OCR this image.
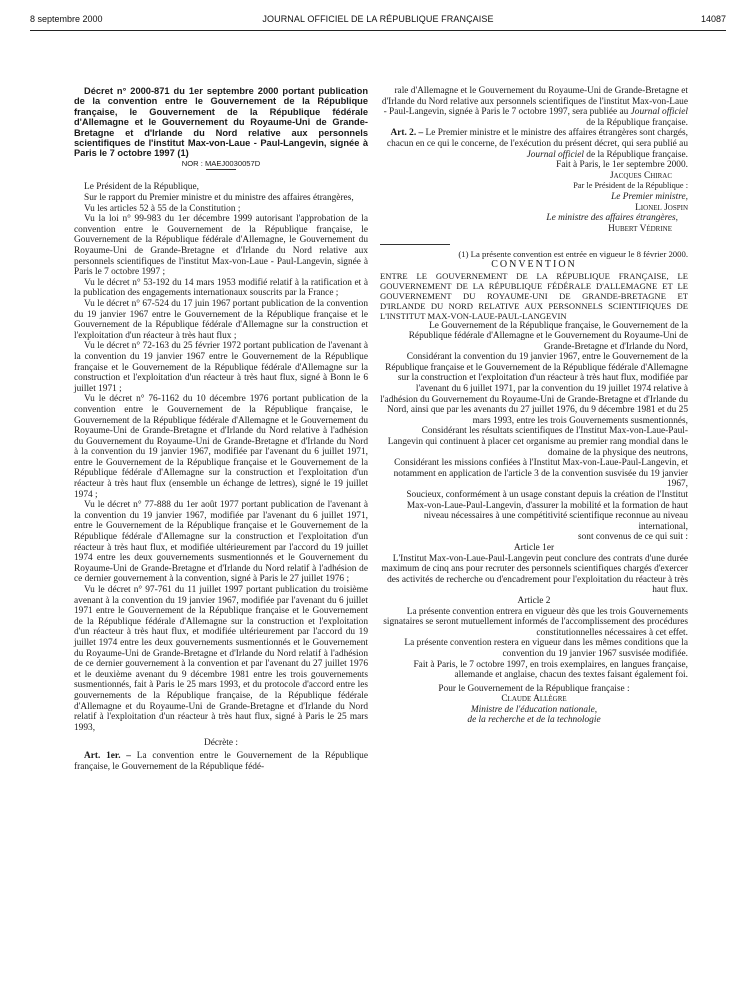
8 septembre 2000	JOURNAL OFFICIEL DE LA RÉPUBLIQUE FRANÇAISE	14087

Décret n° 2000-871 du 1er septembre 2000 portant publication de la convention entre le Gouvernement de la République française, le Gouvernement de la République fédérale d'Allemagne et le Gouvernement du Royaume-Uni de Grande-Bretagne et d'Irlande du Nord relative aux personnels scientifiques de l'institut Max-von-Laue - Paul-Langevin, signée à Paris le 7 octobre 1997 (1)

NOR : MAEJ0030057D

Le Président de la République,

Sur le rapport du Premier ministre et du ministre des affaires étrangères,

Vu les articles 52 à 55 de la Constitution ;

Vu la loi n° 99-983 du 1er décembre 1999 autorisant l'approbation de la convention entre le Gouvernement de la République française, le Gouvernement de la République fédérale d'Allemagne, le Gouvernement du Royaume-Uni de Grande-Bretagne et d'Irlande du Nord relative aux personnels scientifiques de l'institut Max-von-Laue - Paul-Langevin, signée à Paris le 7 octobre 1997 ;

Vu le décret n° 53-192 du 14 mars 1953 modifié relatif à la ratification et à la publication des engagements internationaux souscrits par la France ;

Vu le décret n° 67-524 du 17 juin 1967 portant publication de la convention du 19 janvier 1967 entre le Gouvernement de la République française et le Gouvernement de la République fédérale d'Allemagne sur la construction et l'exploitation d'un réacteur à très haut flux ;

Vu le décret n° 72-163 du 25 février 1972 portant publication de l'avenant à la convention du 19 janvier 1967 entre le Gouvernement de la République française et le Gouvernement de la République fédérale d'Allemagne sur la construction et l'exploitation d'un réacteur à très haut flux, signé à Bonn le 6 juillet 1971 ;

Vu le décret n° 76-1162 du 10 décembre 1976 portant publication de la convention entre le Gouvernement de la République française, le Gouvernement de la République fédérale d'Allemagne et le Gouvernement du Royaume-Uni de Grande-Bretagne et d'Irlande du Nord relative à l'adhésion du Gouvernement du Royaume-Uni de Grande-Bretagne et d'Irlande du Nord à la convention du 19 janvier 1967, modifiée par l'avenant du 6 juillet 1971, entre le Gouvernement de la République française et le Gouvernement de la République fédérale d'Allemagne sur la construction et l'exploitation d'un réacteur à très haut flux (ensemble un échange de lettres), signé le 19 juillet 1974 ;

Vu le décret n° 77-888 du 1er août 1977 portant publication de l'avenant à la convention du 19 janvier 1967, modifiée par l'avenant du 6 juillet 1971, entre le Gouvernement de la République française et le Gouvernement de la République fédérale d'Allemagne sur la construction et l'exploitation d'un réacteur à très haut flux, et modifiée ultérieurement par l'accord du 19 juillet 1974 entre les deux gouvernements susmentionnés et le Gouvernement du Royaume-Uni de Grande-Bretagne et d'Irlande du Nord relatif à l'adhésion de ce dernier gouvernement à la convention, signé à Paris le 27 juillet 1976 ;

Vu le décret n° 97-761 du 11 juillet 1997 portant publication du troisième avenant à la convention du 19 janvier 1967, modifiée par l'avenant du 6 juillet 1971 entre le Gouvernement de la République française et le Gouvernement de la République fédérale d'Allemagne sur la construction et l'exploitation d'un réacteur à très haut flux, et modifiée ultérieurement par l'accord du 19 juillet 1974 entre les deux gouvernements susmentionnés et le Gouvernement du Royaume-Uni de Grande-Bretagne et d'Irlande du Nord relatif à l'adhésion de ce dernier gouvernement à la convention et par l'avenant du 27 juillet 1976 et le deuxième avenant du 9 décembre 1981 entre les trois gouvernements susmentionnés, fait à Paris le 25 mars 1993, et du protocole d'accord entre les gouvernements de la République française, de la République fédérale d'Allemagne et du Royaume-Uni de Grande-Bretagne et d'Irlande du Nord relatif à l'exploitation d'un réacteur à très haut flux, signé à Paris le 25 mars 1993,

Décrète :

Art. 1er. – La convention entre le Gouvernement de la République française, le Gouvernement de la République fédé-

rale d'Allemagne et le Gouvernement du Royaume-Uni de Grande-Bretagne et d'Irlande du Nord relative aux personnels scientifiques de l'institut Max-von-Laue - Paul-Langevin, signée à Paris le 7 octobre 1997, sera publiée au Journal officiel de la République française.

Art. 2. – Le Premier ministre et le ministre des affaires étrangères sont chargés, chacun en ce qui le concerne, de l'exécution du présent décret, qui sera publié au Journal officiel de la République française.

Fait à Paris, le 1er septembre 2000.

Jacques Chirac

Par le Président de la République :

Le Premier ministre,

Lionel Jospin

Le ministre des affaires étrangères,

Hubert Védrine

(1) La présente convention est entrée en vigueur le 8 février 2000.

CONVENTION

ENTRE LE GOUVERNEMENT DE LA RÉPUBLIQUE FRANÇAISE, LE GOUVERNEMENT DE LA RÉPUBLIQUE FÉDÉRALE D'ALLEMAGNE ET LE GOUVERNEMENT DU ROYAUME-UNI DE GRANDE-BRETAGNE ET D'IRLANDE DU NORD RELATIVE AUX PERSONNELS SCIENTIFIQUES DE L'INSTITUT MAX-VON-LAUE-PAUL-LANGEVIN

Le Gouvernement de la République française, le Gouvernement de la République fédérale d'Allemagne et le Gouvernement du Royaume-Uni de Grande-Bretagne et d'Irlande du Nord,

Considérant la convention du 19 janvier 1967, entre le Gouvernement de la République française et le Gouvernement de la République fédérale d'Allemagne sur la construction et l'exploitation d'un réacteur à très haut flux, modifiée par l'avenant du 6 juillet 1971, par la convention du 19 juillet 1974 relative à l'adhésion du Gouvernement du Royaume-Uni de Grande-Bretagne et d'Irlande du Nord, ainsi que par les avenants du 27 juillet 1976, du 9 décembre 1981 et du 25 mars 1993, entre les trois Gouvernements susmentionnés,

Considérant les résultats scientifiques de l'Institut Max-von-Laue-Paul-Langevin qui continuent à placer cet organisme au premier rang mondial dans le domaine de la physique des neutrons,

Considérant les missions confiées à l'Institut Max-von-Laue-Paul-Langevin, et notamment en application de l'article 3 de la convention susvisée du 19 janvier 1967,

Soucieux, conformément à un usage constant depuis la création de l'Institut Max-von-Laue-Paul-Langevin, d'assurer la mobilité et la formation de haut niveau nécessaires à une compétitivité scientifique reconnue au niveau international,

sont convenus de ce qui suit :

Article 1er

L'Institut Max-von-Laue-Paul-Langevin peut conclure des contrats d'une durée maximum de cinq ans pour recruter des personnels scientifiques chargés d'exercer des activités de recherche ou d'encadrement pour l'exploitation du réacteur à très haut flux.

Article 2

La présente convention entrera en vigueur dès que les trois Gouvernements signataires se seront mutuellement informés de l'accomplissement des procédures constitutionnelles nécessaires à cet effet.

La présente convention restera en vigueur dans les mêmes conditions que la convention du 19 janvier 1967 susvisée modifiée.

Fait à Paris, le 7 octobre 1997, en trois exemplaires, en langues française, allemande et anglaise, chacun des textes faisant également foi.

Pour le Gouvernement de la République française :

Claude Allègre

Ministre de l'éducation nationale,

de la recherche et de la technologie
